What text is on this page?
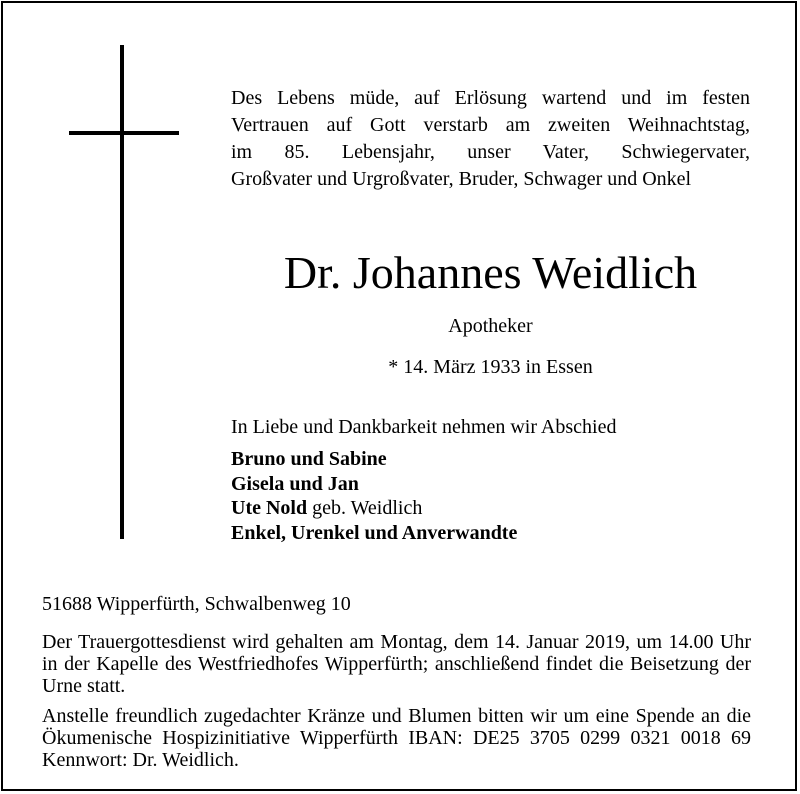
Des Lebens müde, auf Erlösung wartend und im festen
Vertrauen auf Gott verstarb am zweiten Weihnachtstag,
im 85. Lebensjahr, unser Vater, Schwiegervater,
Großvater und Urgroßvater, Bruder, Schwager und Onkel

Dr. Johannes Weidlich
Apotheker
* 14. März 1933 in Essen
In Liebe und Dankbarkeit nehmen wir Abschied
Bruno und Sabine
Gisela und Jan
Ute Nold geb. Weidlich
Enkel, Urenkel und Anverwandte
51688 Wipperfürth, Schwalbenweg 10
Der Trauergottesdienst wird gehalten am Montag, dem 14. Januar 2019, um 14.00 Uhr
in der Kapelle des Westfriedhofes Wipperfürth; anschließend findet die Beisetzung der
Urne statt.
Anstelle freundlich zugedachter Kränze und Blumen bitten wir um eine Spende an die
Ökumenische Hospizinitiative Wipperfürth IBAN: DE25 3705 0299 0321 0018 69
Kennwort: Dr. Weidlich.
